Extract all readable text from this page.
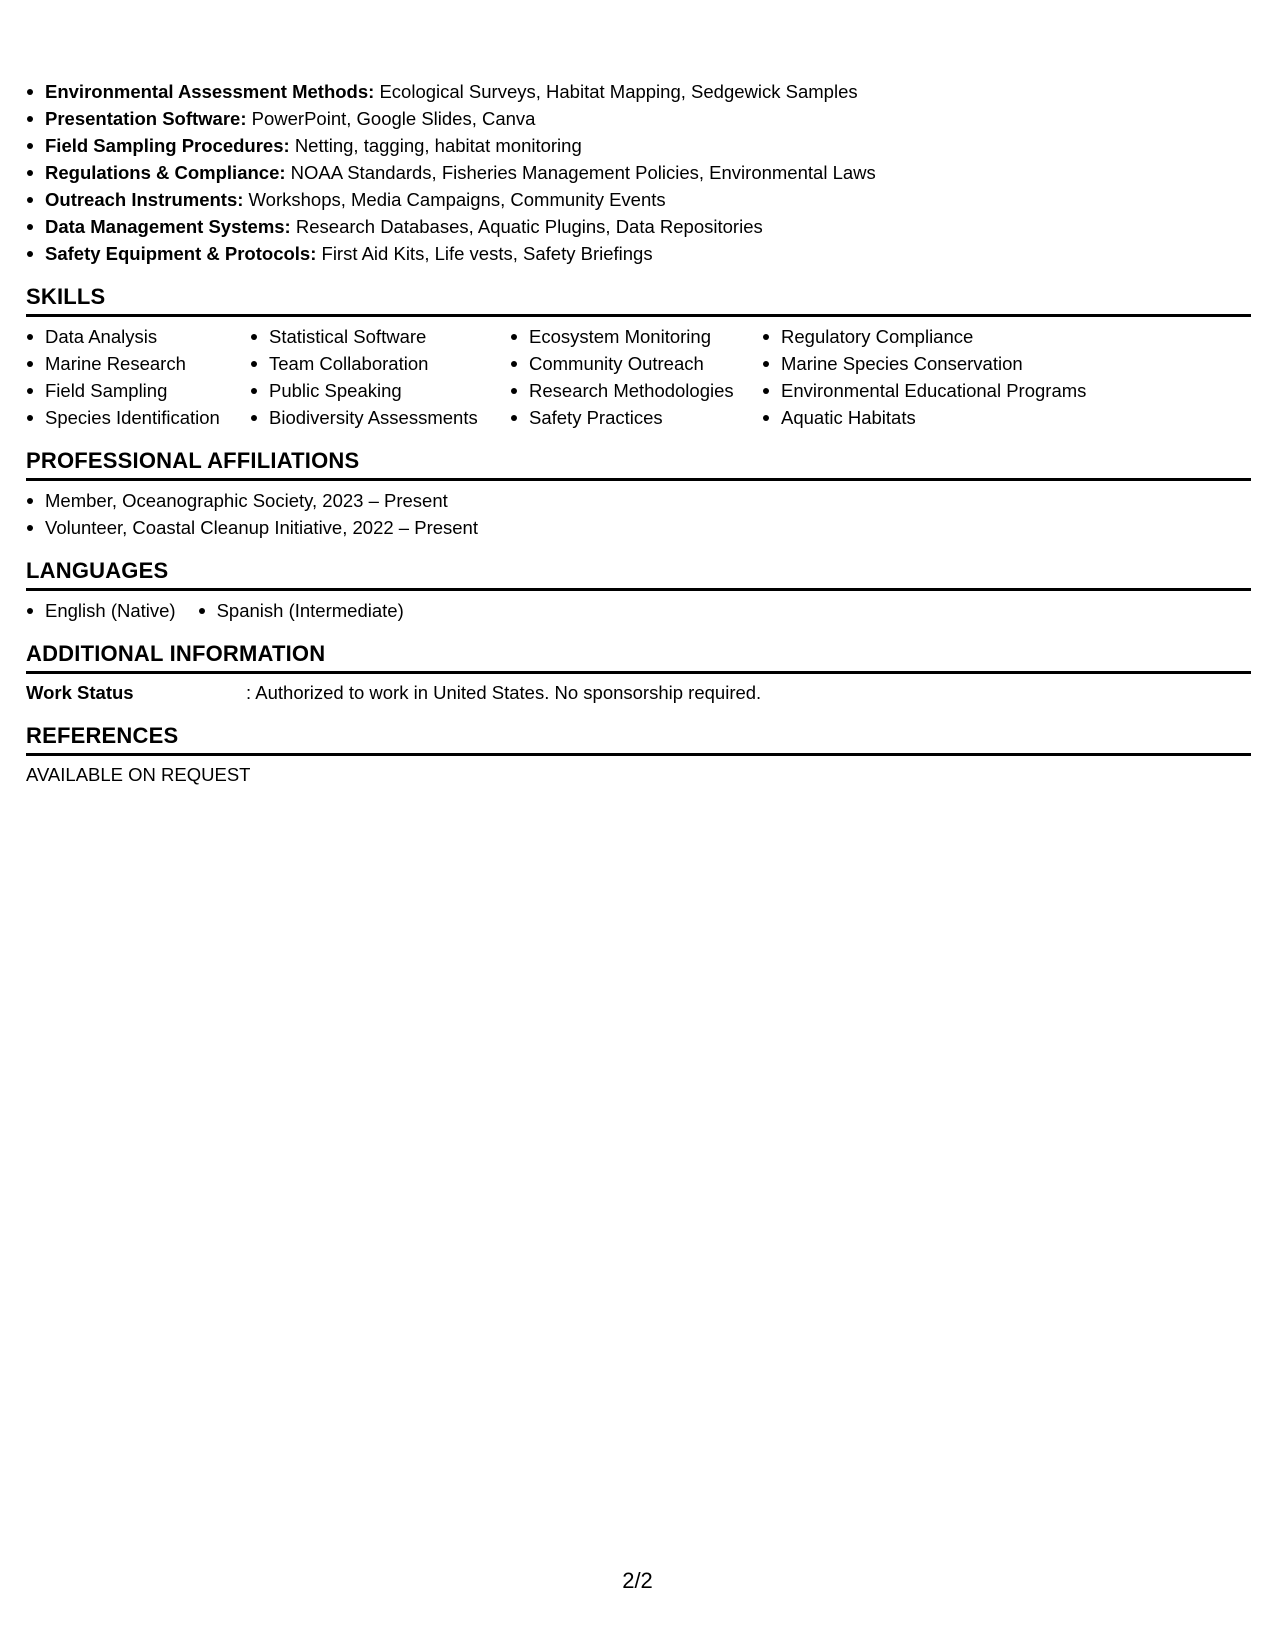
Environmental Assessment Methods: Ecological Surveys, Habitat Mapping, Sedgewick Samples
Presentation Software: PowerPoint, Google Slides, Canva
Field Sampling Procedures: Netting, tagging, habitat monitoring
Regulations & Compliance: NOAA Standards, Fisheries Management Policies, Environmental Laws
Outreach Instruments: Workshops, Media Campaigns, Community Events
Data Management Systems: Research Databases, Aquatic Plugins, Data Repositories
Safety Equipment & Protocols: First Aid Kits, Life vests, Safety Briefings
SKILLS
Data Analysis
Marine Research
Field Sampling
Species Identification
Statistical Software
Team Collaboration
Public Speaking
Biodiversity Assessments
Ecosystem Monitoring
Community Outreach
Research Methodologies
Safety Practices
Regulatory Compliance
Marine Species Conservation
Environmental Educational Programs
Aquatic Habitats
PROFESSIONAL AFFILIATIONS
Member, Oceanographic Society, 2023 – Present
Volunteer, Coastal Cleanup Initiative, 2022 – Present
LANGUAGES
English (Native)	Spanish (Intermediate)
ADDITIONAL INFORMATION
Work Status	: Authorized to work in United States. No sponsorship required.
REFERENCES
AVAILABLE ON REQUEST
2/2
